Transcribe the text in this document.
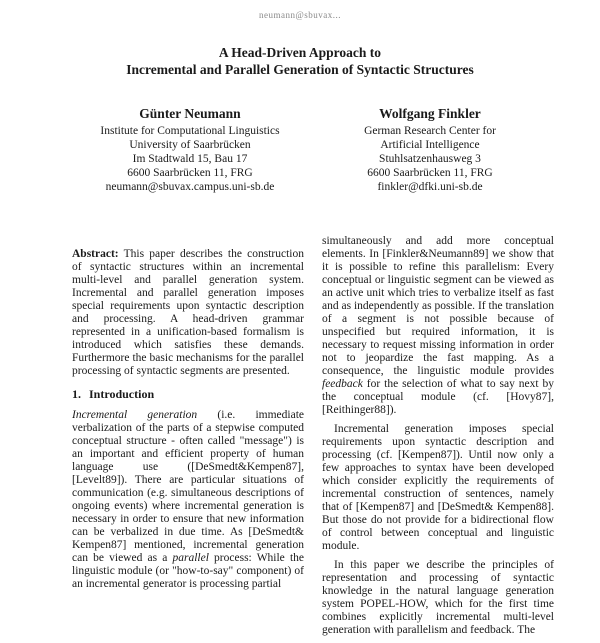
neumann@sbuvax...
A Head-Driven Approach to
Incremental and Parallel Generation of Syntactic Structures
Günter Neumann
Institute for Computational Linguistics
University of Saarbrücken
Im Stadtwald 15, Bau 17
6600 Saarbrücken 11, FRG
neumann@sbuvax.campus.uni-sb.de
Wolfgang Finkler
German Research Center for
Artificial Intelligence
Stuhlsatzenhausweg 3
6600 Saarbrücken 11, FRG
finkler@dfki.uni-sb.de

Abstract: This paper describes the construction of syntactic structures within an incremental multi-level and parallel generation system. Incremental and parallel generation imposes special requirements upon syntactic description and processing. A head-driven grammar represented in a unification-based formalism is introduced which satisfies these demands. Furthermore the basic mechanisms for the parallel processing of syntactic segments are presented.

1. Introduction

Incremental generation (i.e. immediate verbalization of the parts of a stepwise computed conceptual structure - often called "message") is an important and efficient property of human language use ([DeSmedt&Kempen87], [Levelt89]). There are particular situations of communication (e.g. simultaneous descriptions of ongoing events) where incremental generation is necessary in order to ensure that new information can be verbalized in due time. As [DeSmedt& Kempen87] mentioned, incremental generation can be viewed as a parallel process: While the linguistic module (or "how-to-say" component) of an incremental generator is processing partial

simultaneously and add more conceptual elements. In [Finkler&Neumann89] we show that it is possible to refine this parallelism: Every conceptual or linguistic segment can be viewed as an active unit which tries to verbalize itself as fast and as independently as possible. If the translation of a segment is not possible because of unspecified but required information, it is necessary to request missing information in order not to jeopardize the fast mapping. As a consequence, the linguistic module provides feedback for the selection of what to say next by the conceptual module (cf. [Hovy87], [Reithinger88]).

Incremental generation imposes special requirements upon syntactic description and processing (cf. [Kempen87]). Until now only a few approaches to syntax have been developed which consider explicitly the requirements of incremental construction of sentences, namely that of [Kempen87] and [DeSmedt& Kempen88]. But those do not provide for a bidirectional flow of control between conceptual and linguistic module.

In this paper we describe the principles of representation and processing of syntactic knowledge in the natural language generation system POPEL-HOW, which for the first time combines explicitly incremental multi-level generation with parallelism and feedback. The
